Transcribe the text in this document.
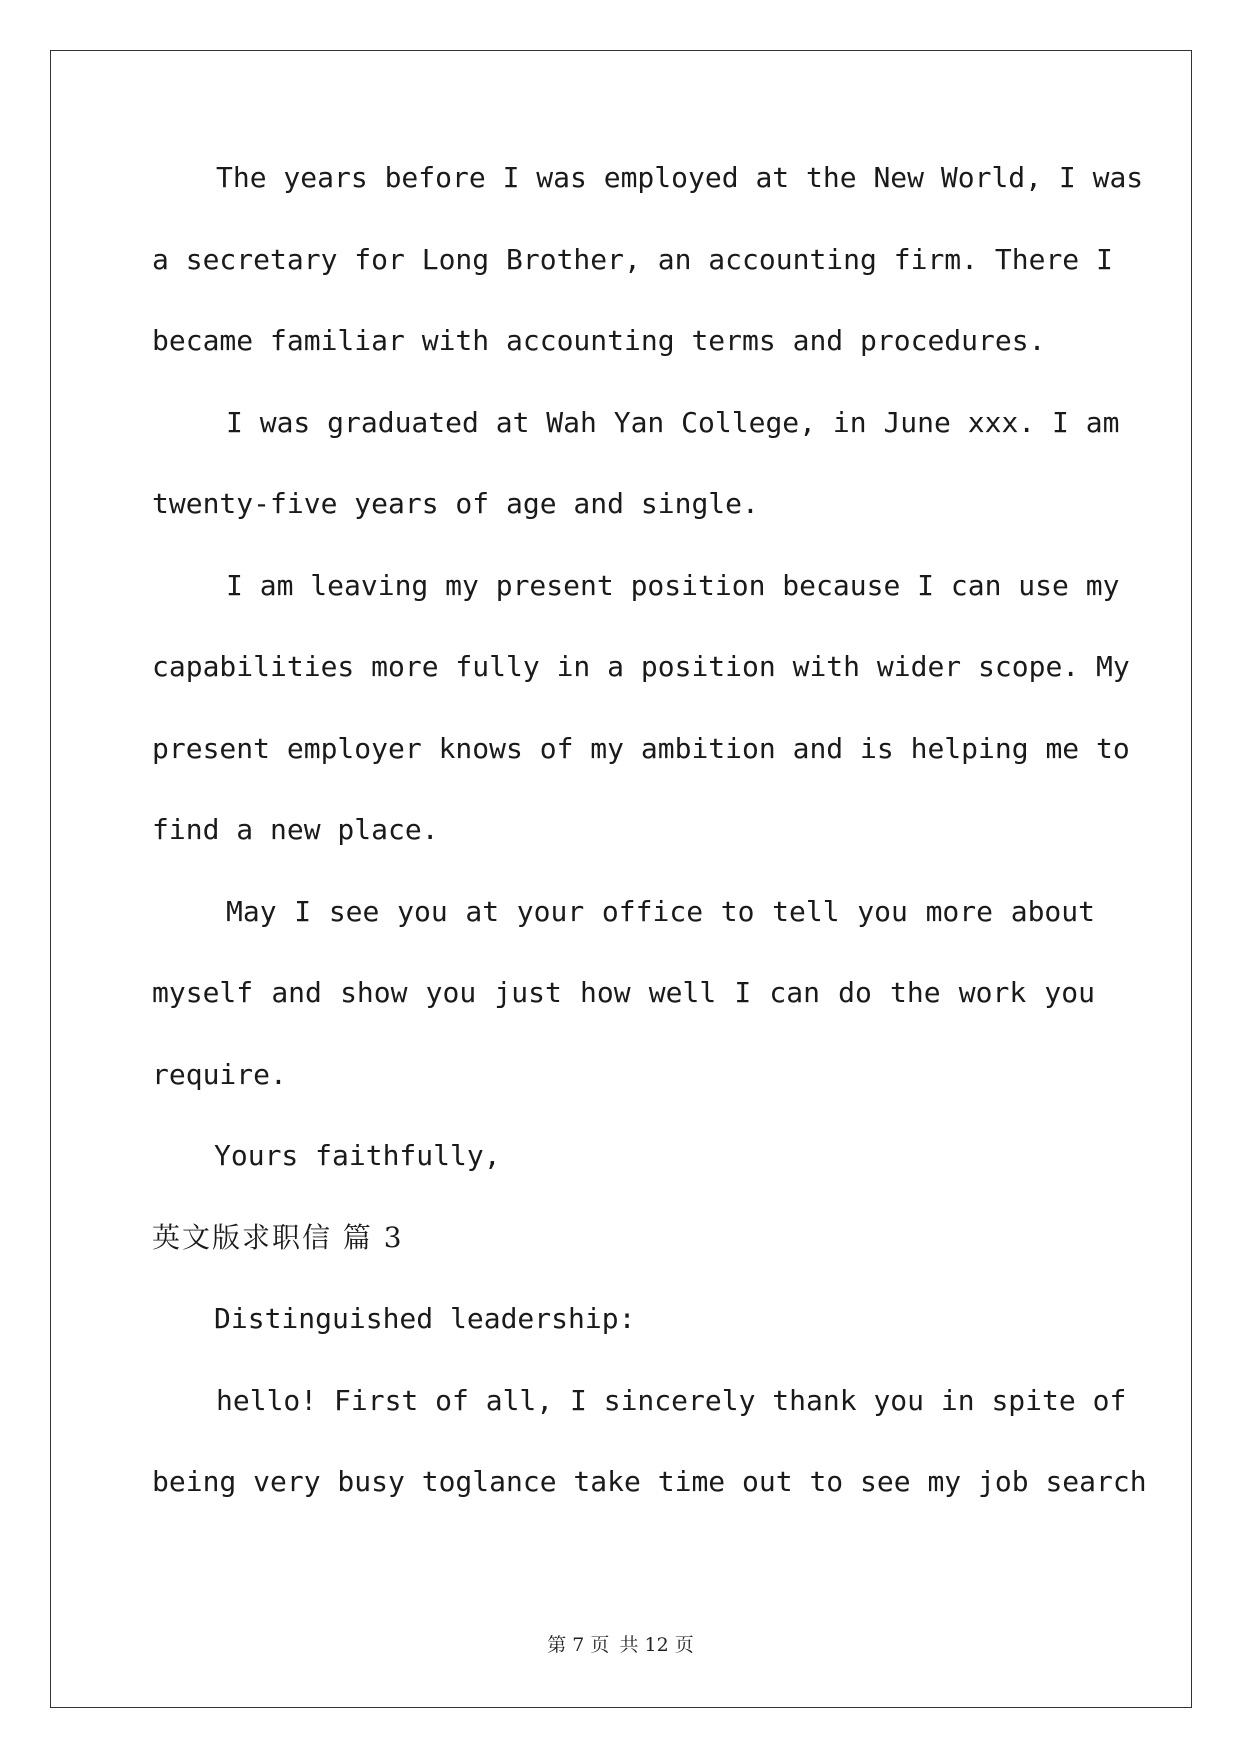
The years before I was employed at the New World, I was
a secretary for Long Brother, an accounting firm. There I
became familiar with accounting terms and procedures.
I was graduated at Wah Yan College, in June xxx. I am
twenty-five years of age and single.
I am leaving my present position because I can use my
capabilities more fully in a position with wider scope. My
present employer knows of my ambition and is helping me to
find a new place.
May I see you at your office to tell you more about
myself and show you just how well I can do the work you
require.
Yours faithfully,
英文版求职信 篇 3
Distinguished leadership:
hello! First of all, I sincerely thank you in spite of
being very busy toglance take time out to see my job search
第 7 页 共 12 页
